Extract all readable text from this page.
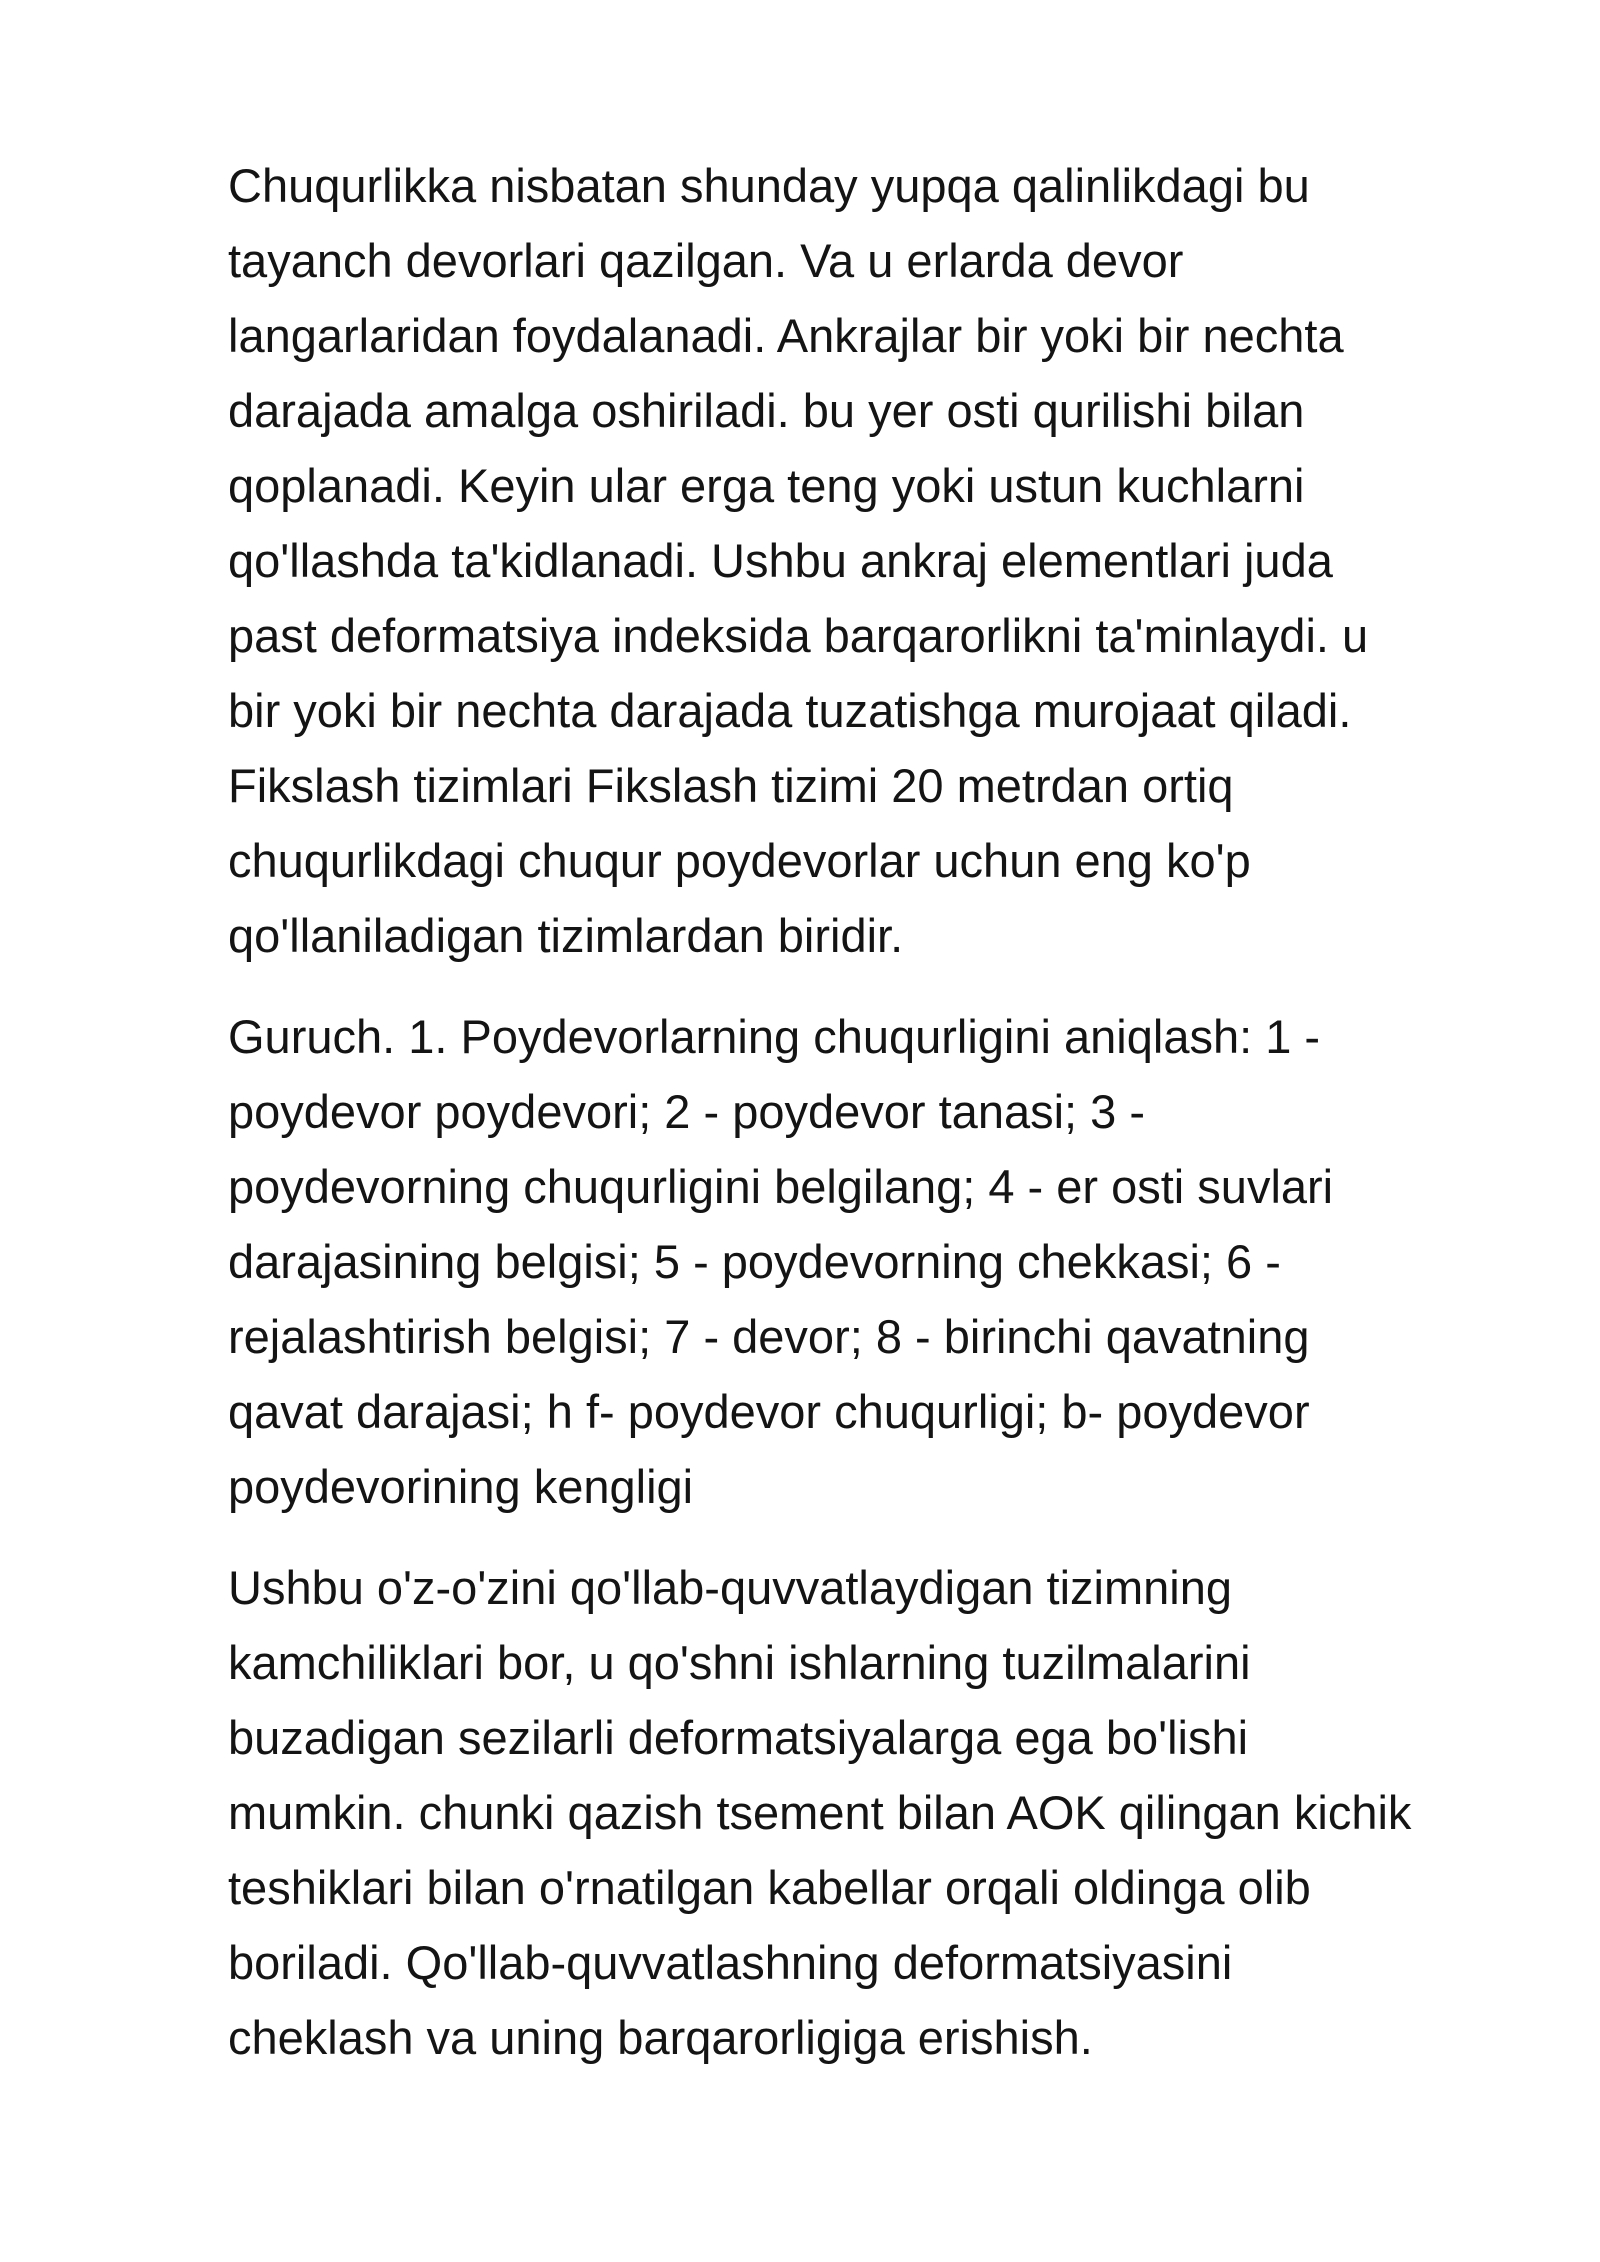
Chuqurlikka nisbatan shunday yupqa qalinlikdagi bu
tayanch devorlari qazilgan. Va u erlarda devor
langarlaridan foydalanadi. Ankrajlar bir yoki bir nechta
darajada amalga oshiriladi. bu yer osti qurilishi bilan
qoplanadi. Keyin ular erga teng yoki ustun kuchlarni
qo'llashda ta'kidlanadi. Ushbu ankraj elementlari juda
past deformatsiya indeksida barqarorlikni ta'minlaydi. u
bir yoki bir nechta darajada tuzatishga murojaat qiladi.
Fikslash tizimlari Fikslash tizimi 20 metrdan ortiq
chuqurlikdagi chuqur poydevorlar uchun eng ko'p
qo'llaniladigan tizimlardan biridir.

Guruch. 1. Poydevorlarning chuqurligini aniqlash: 1 -
poydevor poydevori; 2 - poydevor tanasi; 3 -
poydevorning chuqurligini belgilang; 4 - er osti suvlari
darajasining belgisi; 5 - poydevorning chekkasi; 6 -
rejalashtirish belgisi; 7 - devor; 8 - birinchi qavatning
qavat darajasi; h f- poydevor chuqurligi; b- poydevor
poydevorining kengligi

Ushbu o'z-o'zini qo'llab-quvvatlaydigan tizimning
kamchiliklari bor, u qo'shni ishlarning tuzilmalarini
buzadigan sezilarli deformatsiyalarga ega bo'lishi
mumkin. chunki qazish tsement bilan AOK qilingan kichik
teshiklari bilan o'rnatilgan kabellar orqali oldinga olib
boriladi. Qo'llab-quvvatlashning deformatsiyasini
cheklash va uning barqarorligiga erishish.
